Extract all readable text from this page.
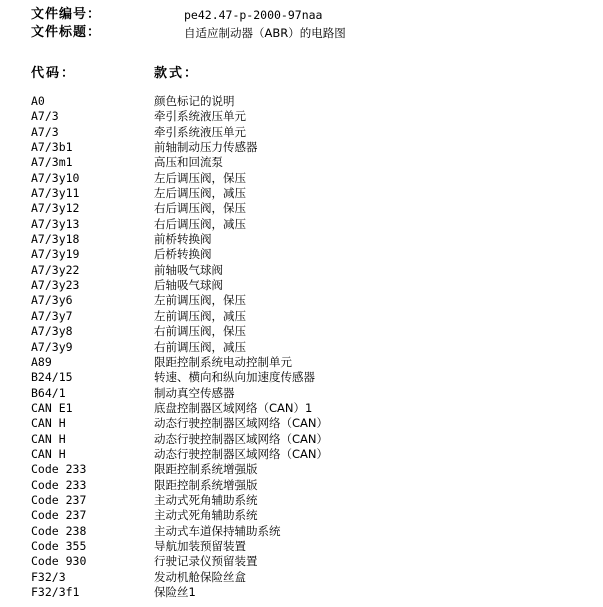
文件编号：	pe42.47-p-2000-97naa
文件标题：	自适应制动器（ABR）的电路图
代码：	款式：
A0	颜色标记的说明
A7/3	牵引系统液压单元
A7/3	牵引系统液压单元
A7/3b1	前轴制动压力传感器
A7/3m1	高压和回流泵
A7/3y10	左后调压阀，保压
A7/3y11	左后调压阀，减压
A7/3y12	右后调压阀，保压
A7/3y13	右后调压阀，减压
A7/3y18	前桥转换阀
A7/3y19	后桥转换阀
A7/3y22	前轴吸气球阀
A7/3y23	后轴吸气球阀
A7/3y6	左前调压阀，保压
A7/3y7	左前调压阀，减压
A7/3y8	右前调压阀，保压
A7/3y9	右前调压阀，减压
A89	限距控制系统电动控制单元
B24/15	转速、横向和纵向加速度传感器
B64/1	制动真空传感器
CAN E1	底盘控制器区域网络（CAN）1
CAN H	动态行驶控制器区域网络（CAN）
CAN H	动态行驶控制器区域网络（CAN）
CAN H	动态行驶控制器区域网络（CAN）
Code 233	限距控制系统增强版
Code 233	限距控制系统增强版
Code 237	主动式死角辅助系统
Code 237	主动式死角辅助系统
Code 238	主动式车道保持辅助系统
Code 355	导航加装预留装置
Code 930	行驶记录仪预留装置
F32/3	发动机舱保险丝盒
F32/3f1	保险丝1
